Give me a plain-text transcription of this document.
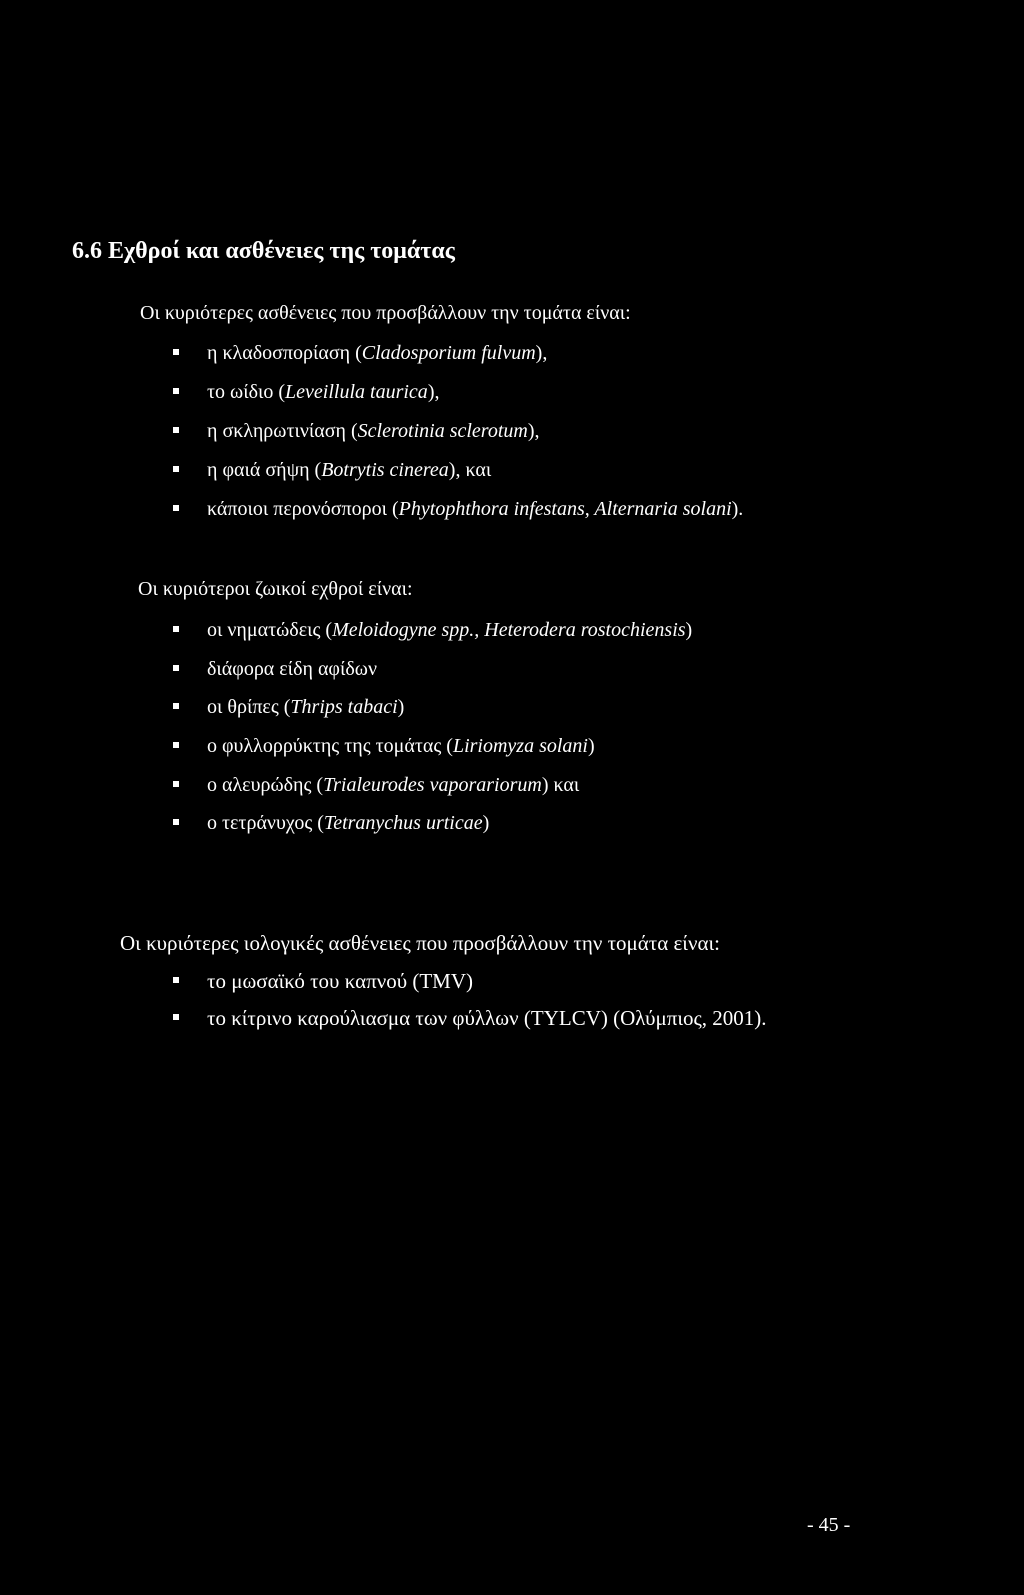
6.6 Εχθροί και ασθένειες της τομάτας

Οι κυριότερες ασθένειες που προσβάλλουν την τομάτα είναι:

η κλαδοσπορίαση (Cladosporium fulvum),
το ωίδιο (Leveillula taurica),
η σκληρωτινίαση (Sclerotinia sclerotum),
η φαιά σήψη (Botrytis cinerea), και
κάποιοι περονόσποροι (Phytophthora infestans, Alternaria solani).

Οι κυριότεροι ζωικοί εχθροί είναι:

οι νηματώδεις (Meloidogyne spp., Heterodera rostochiensis)
διάφορα είδη αφίδων
οι θρίπες (Thrips tabaci)
ο φυλλορρύκτης της τομάτας (Liriomyza solani)
ο αλευρώδης (Trialeurodes vaporariorum) και
ο τετράνυχος (Tetranychus urticae)

Οι κυριότερες ιολογικές ασθένειες που προσβάλλουν την τομάτα είναι:

το μωσαϊκό του καπνού (TMV)
το κίτρινο καρούλιασμα των φύλλων (TYLCV) (Ολύμπιος, 2001).
- 45 -
